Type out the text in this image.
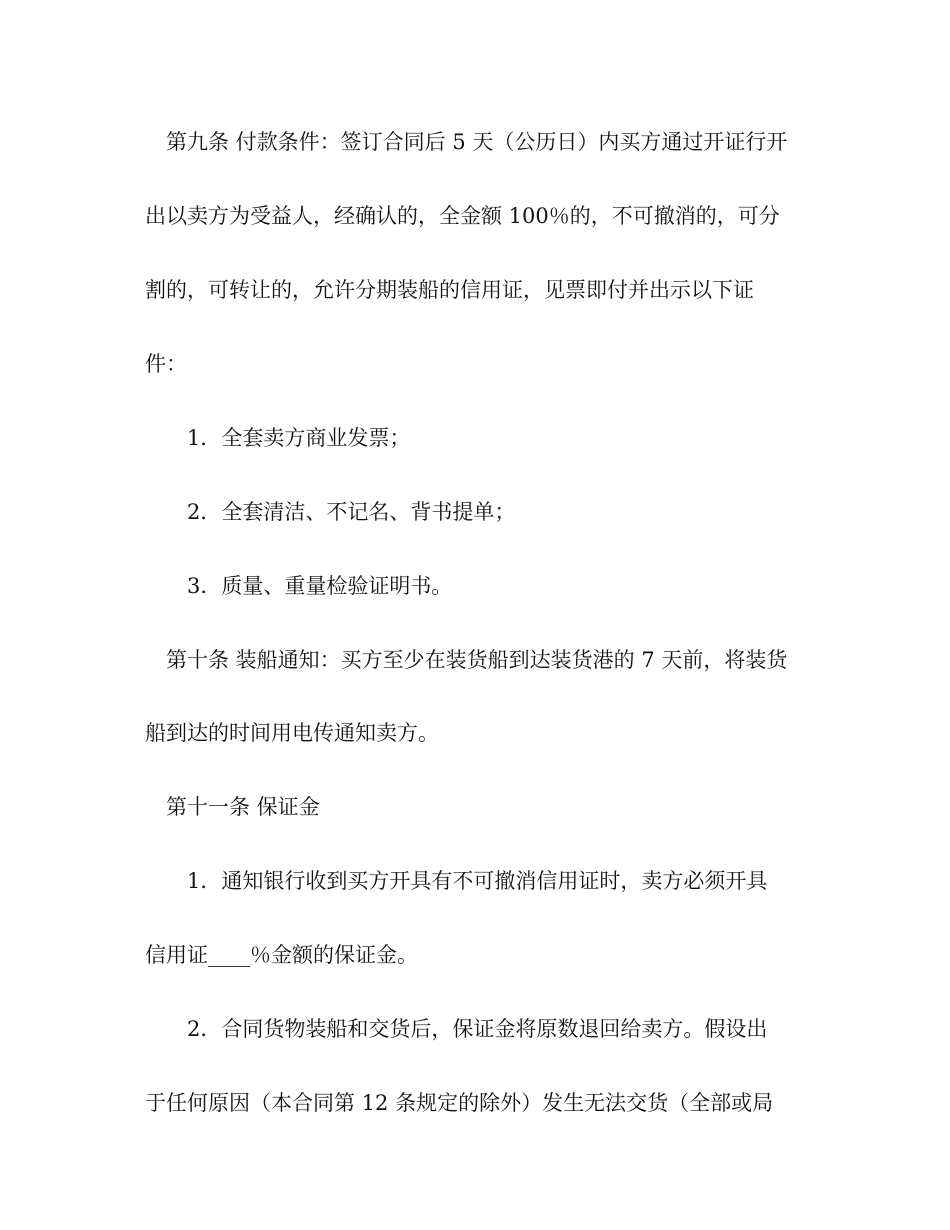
第九条 付款条件：签订合同后 5 天（公历日）内买方通过开证行开
出以卖方为受益人，经确认的，全金额 100％的，不可撤消的，可分
割的，可转让的，允许分期装船的信用证，见票即付并出示以下证
件：
1．全套卖方商业发票；
2．全套清洁、不记名、背书提单；
3．质量、重量检验证明书。
第十条 装船通知：买方至少在装货船到达装货港的 7 天前，将装货
船到达的时间用电传通知卖方。
第十一条 保证金
1．通知银行收到买方开具有不可撤消信用证时，卖方必须开具
信用证____％金额的保证金。
2．合同货物装船和交货后，保证金将原数退回给卖方。假设出
于任何原因（本合同第 12 条规定的除外）发生无法交货（全部或局
